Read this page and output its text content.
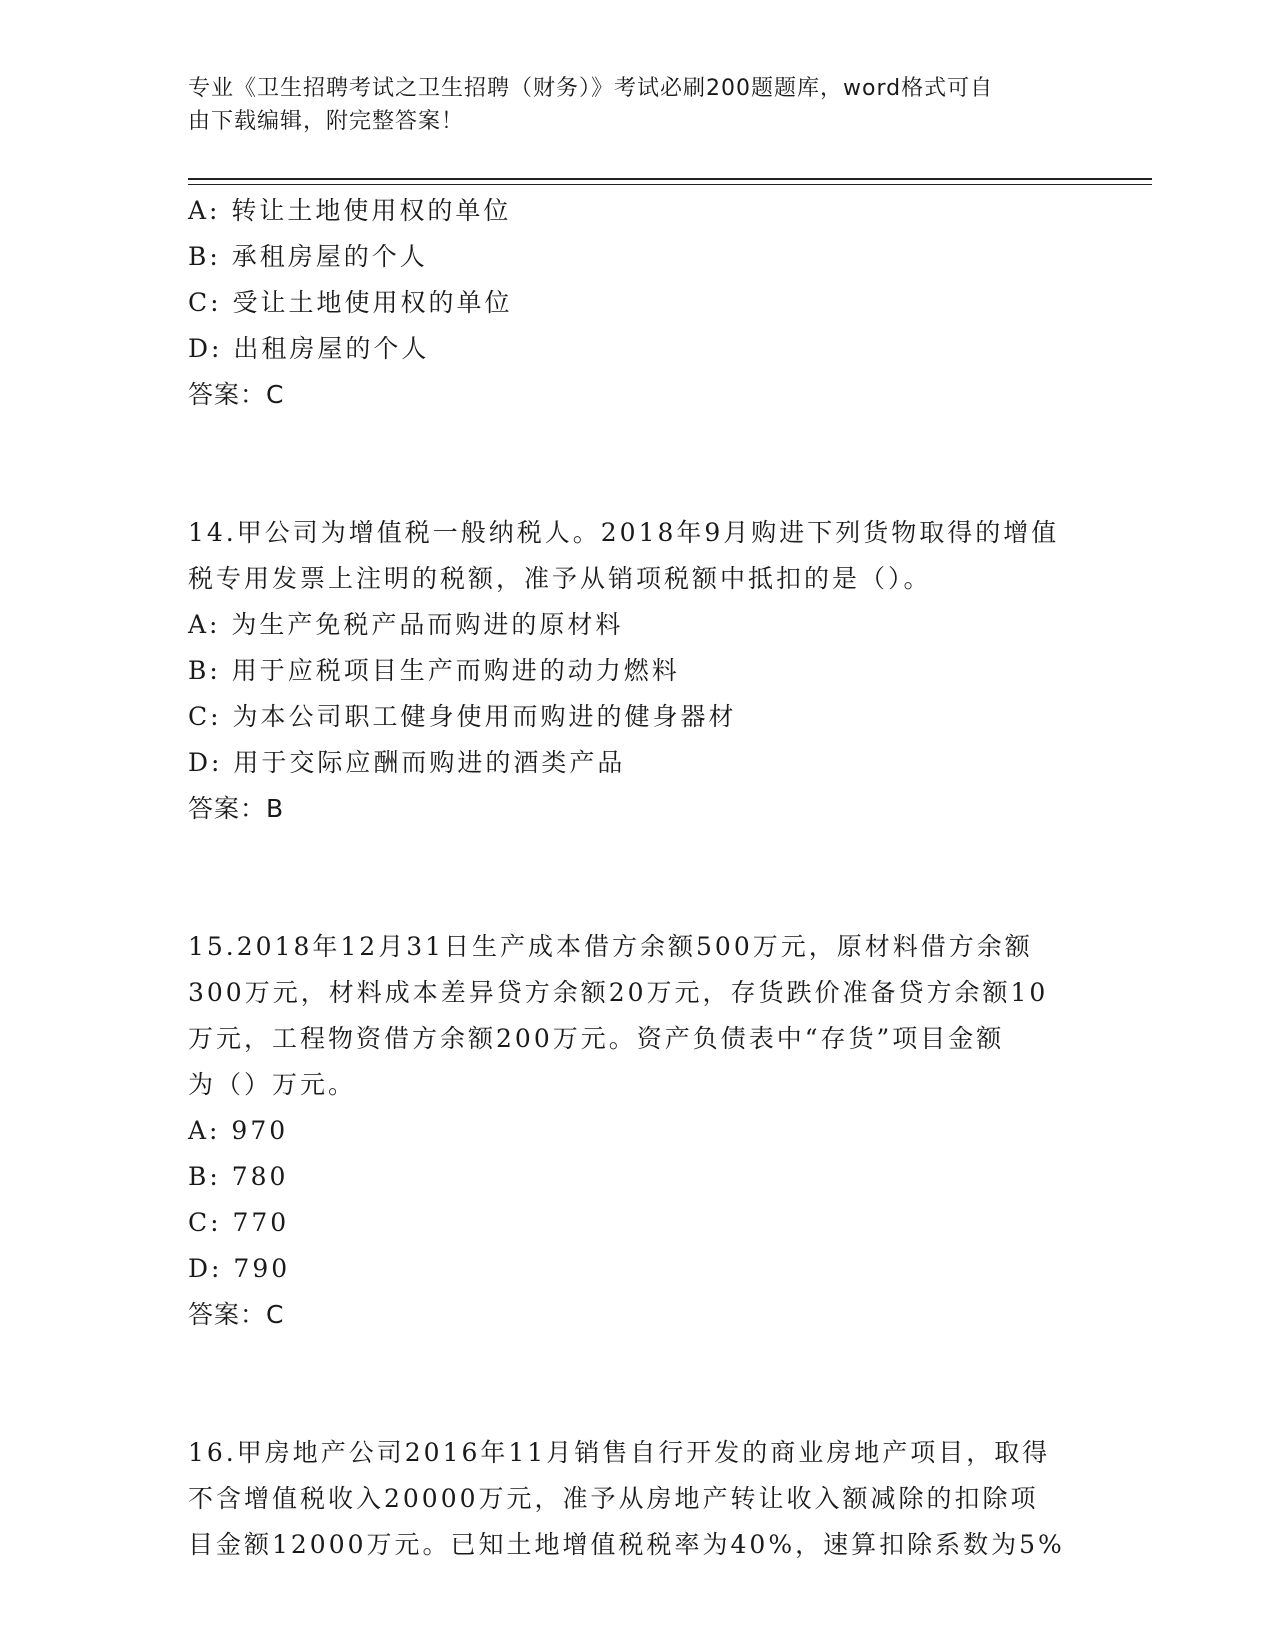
专业《卫生招聘考试之卫生招聘（财务）》考试必刷200题题库，word格式可自
由下载编辑，附完整答案！
A: 转让土地使用权的单位
B: 承租房屋的个人
C: 受让土地使用权的单位
D: 出租房屋的个人
答案：C
14.甲公司为增值税一般纳税人。2018年9月购进下列货物取得的增值
税专用发票上注明的税额，准予从销项税额中抵扣的是（）。
A: 为生产免税产品而购进的原材料
B: 用于应税项目生产而购进的动力燃料
C: 为本公司职工健身使用而购进的健身器材
D: 用于交际应酬而购进的酒类产品
答案：B
15.2018年12月31日生产成本借方余额500万元，原材料借方余额
300万元，材料成本差异贷方余额20万元，存货跌价准备贷方余额10
万元，工程物资借方余额200万元。资产负债表中“存货”项目金额
为（）万元。
A: 970
B: 780
C: 770
D: 790
答案：C
16.甲房地产公司2016年11月销售自行开发的商业房地产项目，取得
不含增值税收入20000万元，准予从房地产转让收入额减除的扣除项
目金额12000万元。已知土地增值税税率为40%，速算扣除系数为5%
